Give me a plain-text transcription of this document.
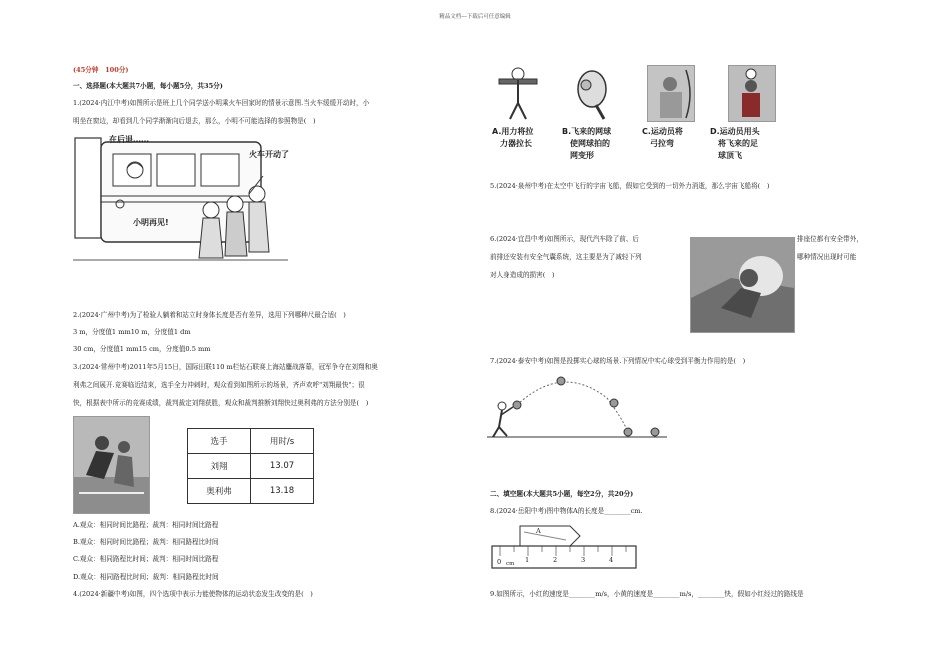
精品文档---下载后可任意编辑
(45分钟　100分)
一、选择题(本大题共7小题，每小题5分，共35分)
1.(2024·内江中考)如图所示是班上几个同学送小明乘火车回家时的情景示意图.当火车缓缓开动时，小
明坐在窗边，却看到几个同学渐渐向后退去，那么，小明不可能选择的参照物是(　)
在后退……
火车开动了
小明再见!
2.(2024·广州中考)为了检验人躺着和站立时身体长度是否有差异，选用下列哪种尺最合适(　)
3 m，分度值1 mm10 m，分度值1 dm
30 cm，分度值1 mm15 cm，分度值0.5 mm
3.(2024·常州中考)2011年5月15日，国际田联110 m栏钻石联赛上海站鏖战落幕，冠军争夺在刘翔和奥
利弗之间展开.竞赛临近结束，选手全力冲刺时，观众看到如图所示的场景，齐声欢呼"刘翔最快"；很
快，根据表中所示的竞赛成绩，裁判裁定刘翔获胜，观众和裁判推断刘翔快过奥利弗的方法分别是(　)
选手	用时/s
刘翔	13.07
奥利弗	13.18
A.观众：相同时间比路程；裁判：相同时间比路程
B.观众：相同时间比路程；裁判：相同路程比时间
C.观众：相同路程比时间；裁判：相同时间比路程
D.观众：相同路程比时间；裁判：相同路程比时间
4.(2024·新疆中考)如图，四个选项中表示力能使物体的运动状态发生改变的是(　)
A.用力将拉
力器拉长
B.飞来的网球
使网球拍的
网变形
C.运动员将
弓拉弯
D.运动员用头
将飞来的足
球顶飞
5.(2024·泉州中考)在太空中飞行的宇宙飞船，假如它受到的一切外力消逝，那么宇宙飞船将(　)
6.(2024·宜昌中考)如图所示，现代汽车除了前、后	排座位都有安全带外，
前排还安装有安全气囊系统，这主要是为了减轻下列	哪种情况出现时可能
对人身造成的损害(　)
7.(2024·泰安中考)如图是投掷实心球的场景.下列情况中实心球受到平衡力作用的是(　)
二、填空题(本大题共5小题，每空2分，共20分)
8.(2024·岳阳中考)图中物体A的长度是________cm.
A
0 cm 1	2	3	4
9.如图所示，小红的速度是________m/s，小黄的速度是________m/s，________快，假如小红经过的路线是
